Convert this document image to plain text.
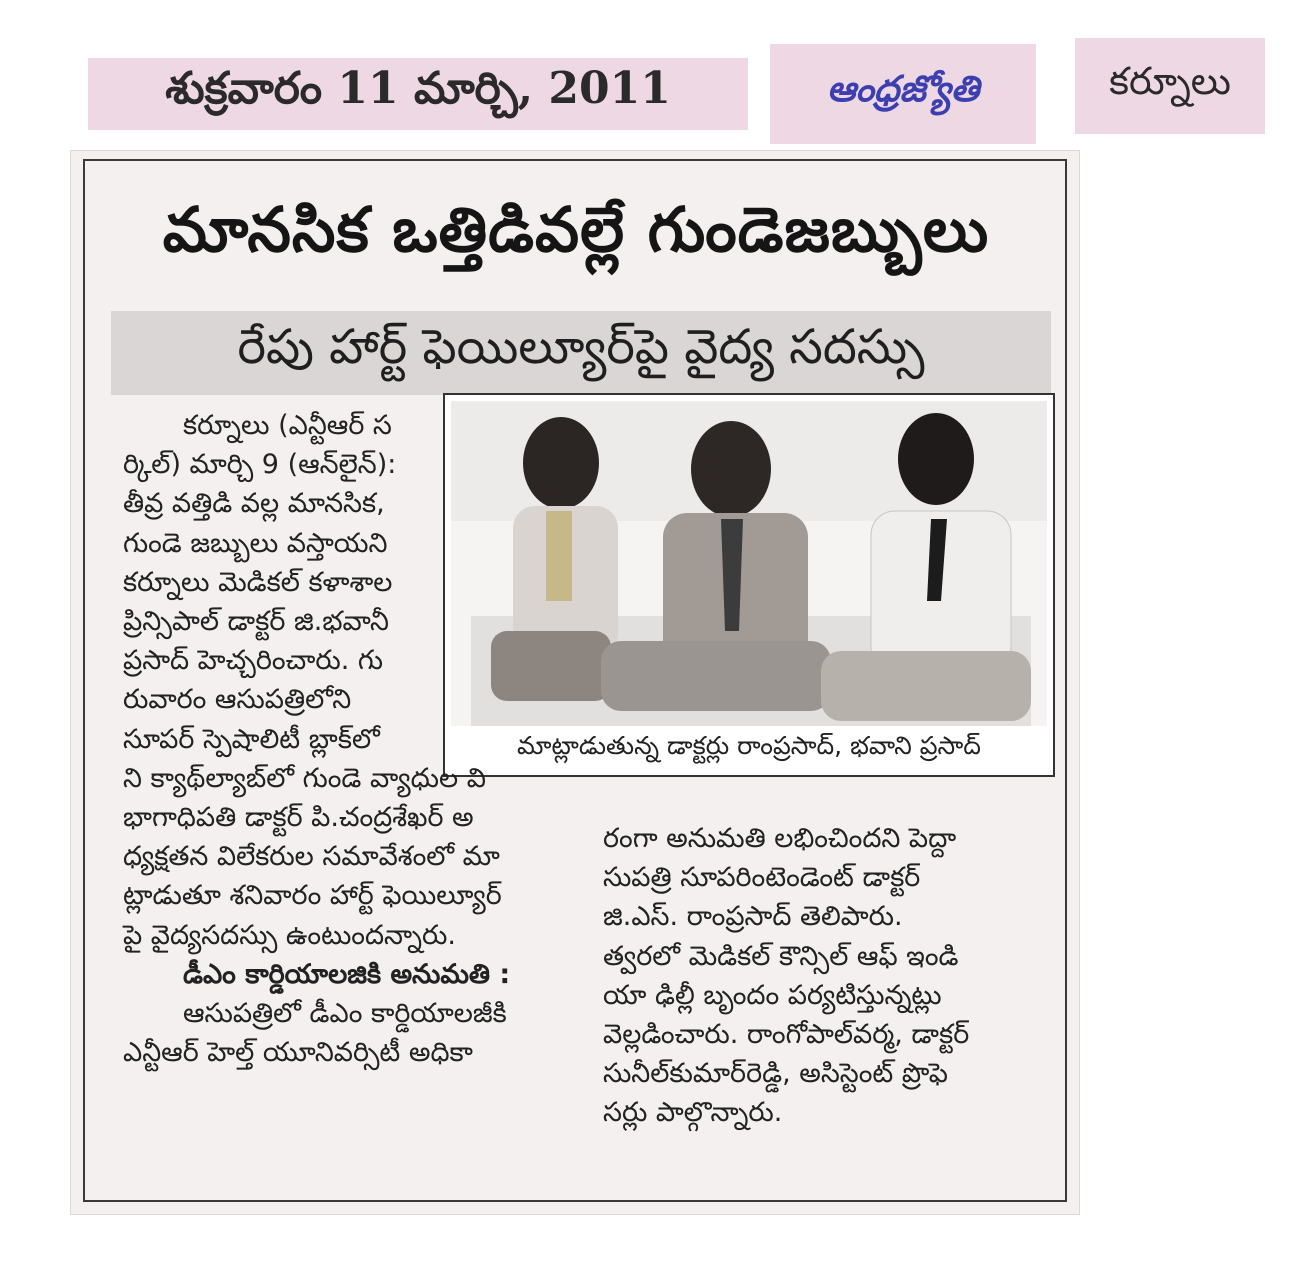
శుక్రవారం 11 మార్చి, 2011	ఆంధ్రజ్యోతి	కర్నూలు
మానసిక ఒత్తిడివల్లే గుండెజబ్బులు
రేపు హార్ట్ ఫెయిల్యూర్‌పై వైద్య సదస్సు
మాట్లాడుతున్న డాక్టర్లు రాంప్రసాద్, భవాని ప్రసాద్

కర్నూలు (ఎన్టీఆర్ స

ర్కిల్) మార్చి 9 (ఆన్‌లైన్):

తీవ్ర వత్తిడి వల్ల మానసిక,

గుండె జబ్బులు వస్తాయని

కర్నూలు మెడికల్ కళాశాల

ప్రిన్సిపాల్ డాక్టర్ జి.భవానీ

ప్రసాద్ హెచ్చరించారు. గు

రువారం ఆసుపత్రిలోని

సూపర్ స్పెషాలిటీ బ్లాక్‌లో

ని క్యాథ్‌ల్యాబ్‌లో గుండె వ్యాధుల వి

భాగాధిపతి డాక్టర్ పి.చంద్రశేఖర్ అ

ధ్యక్షతన విలేకరుల సమావేశంలో మా

ట్లాడుతూ శనివారం హార్ట్ ఫెయిల్యూర్

పై వైద్యసదస్సు ఉంటుందన్నారు.

డీఎం కార్డియాలజికి అనుమతి :

ఆసుపత్రిలో డీఎం కార్డియాలజీకి

ఎన్టీఆర్ హెల్త్ యూనివర్సిటీ అధికా

రంగా అనుమతి లభించిందని పెద్దా

సుపత్రి సూపరింటెండెంట్ డాక్టర్

జి.ఎస్. రాంప్రసాద్ తెలిపారు.

త్వరలో మెడికల్ కౌన్సిల్ ఆఫ్ ఇండి

యా ఢిల్లీ బృందం పర్యటిస్తున్నట్లు

వెల్లడించారు. రాంగోపాల్‌వర్మ, డాక్టర్

సునీల్‌కుమార్‌రెడ్డి, అసిస్టెంట్ ప్రొఫె

సర్లు పాల్గొన్నారు.
